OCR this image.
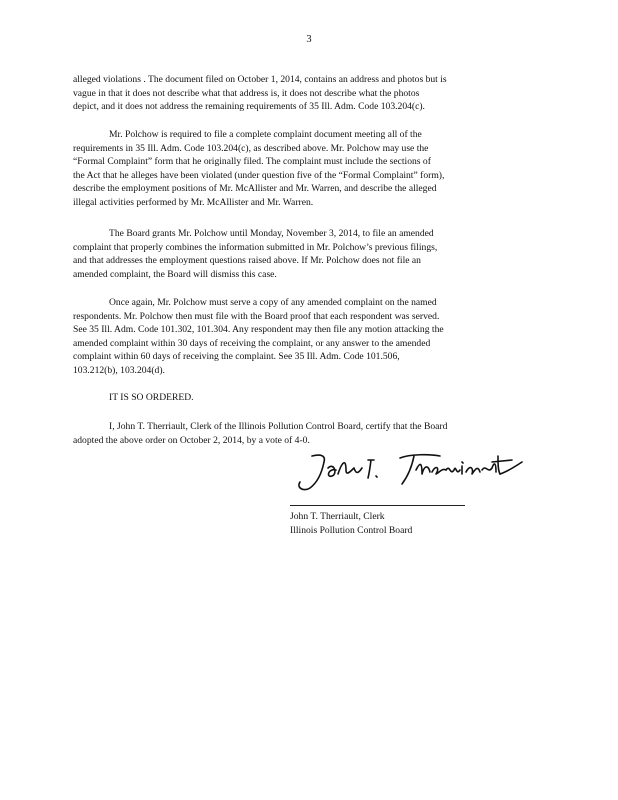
3
alleged violations . The document filed on October 1, 2014, contains an address and photos but is
vague in that it does not describe what that address is, it does not describe what the photos
depict, and it does not address the remaining requirements of 35 Ill. Adm. Code 103.204(c).
Mr. Polchow is required to file a complete complaint document meeting all of the
requirements in 35 Ill. Adm. Code 103.204(c), as described above. Mr. Polchow may use the
“Formal Complaint” form that he originally filed. The complaint must include the sections of
the Act that he alleges have been violated (under question five of the “Formal Complaint” form),
describe the employment positions of Mr. McAllister and Mr. Warren, and describe the alleged
illegal activities performed by Mr. McAllister and Mr. Warren.
The Board grants Mr. Polchow until Monday, November 3, 2014, to file an amended
complaint that properly combines the information submitted in Mr. Polchow’s previous filings,
and that addresses the employment questions raised above. If Mr. Polchow does not file an
amended complaint, the Board will dismiss this case.
Once again, Mr. Polchow must serve a copy of any amended complaint on the named
respondents. Mr. Polchow then must file with the Board proof that each respondent was served.
See 35 Ill. Adm. Code 101.302, 101.304. Any respondent may then file any motion attacking the
amended complaint within 30 days of receiving the complaint, or any answer to the amended
complaint within 60 days of receiving the complaint. See 35 Ill. Adm. Code 101.506,
103.212(b), 103.204(d).
IT IS SO ORDERED.
I, John T. Therriault, Clerk of the Illinois Pollution Control Board, certify that the Board
adopted the above order on October 2, 2014, by a vote of 4-0.
John T. Therriault, Clerk
Illinois Pollution Control Board
